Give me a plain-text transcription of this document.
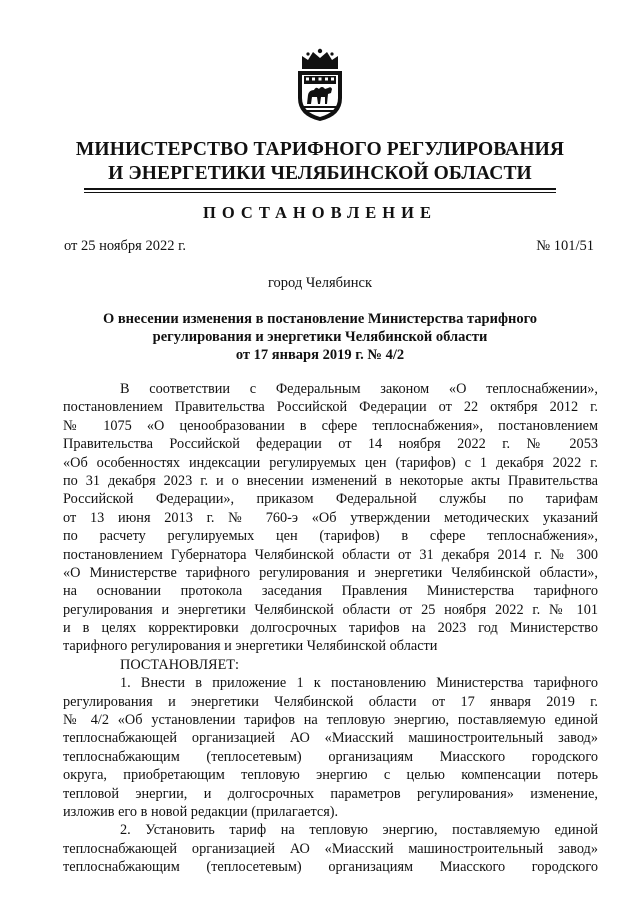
МИНИСТЕРСТВО ТАРИФНОГО РЕГУЛИРОВАНИЯ
И ЭНЕРГЕТИКИ ЧЕЛЯБИНСКОЙ ОБЛАСТИ
ПОСТАНОВЛЕНИЕ
от 25 ноября 2022 г.	№ 101/51
город Челябинск
О внесении изменения в постановление Министерства тарифного
регулирования и энергетики Челябинской области
от 17 января 2019 г. № 4/2
В соответствии с Федеральным законом «О теплоснабжении»,
постановлением Правительства Российской Федерации от 22 октября 2012 г.
№ 1075 «О ценообразовании в сфере теплоснабжения», постановлением
Правительства Российской федерации от 14 ноября 2022 г. № 2053
«Об особенностях индексации регулируемых цен (тарифов) с 1 декабря 2022 г.
по 31 декабря 2023 г. и о внесении изменений в некоторые акты Правительства
Российской Федерации», приказом Федеральной службы по тарифам
от 13 июня 2013 г. № 760-э «Об утверждении методических указаний
по расчету регулируемых цен (тарифов) в сфере теплоснабжения»,
постановлением Губернатора Челябинской области от 31 декабря 2014 г. № 300
«О Министерстве тарифного регулирования и энергетики Челябинской области»,
на основании протокола заседания Правления Министерства тарифного
регулирования и энергетики Челябинской области от 25 ноября 2022 г. № 101
и в целях корректировки долгосрочных тарифов на 2023 год Министерство
тарифного регулирования и энергетики Челябинской области
ПОСТАНОВЛЯЕТ:
1. Внести в приложение 1 к постановлению Министерства тарифного
регулирования и энергетики Челябинской области от 17 января 2019 г.
№ 4/2 «Об установлении тарифов на тепловую энергию, поставляемую единой
теплоснабжающей организацией АО «Миасский машиностроительный завод»
теплоснабжающим (теплосетевым) организациям Миасского городского
округа, приобретающим тепловую энергию с целью компенсации потерь
тепловой энергии, и долгосрочных параметров регулирования» изменение,
изложив его в новой редакции (прилагается).
2. Установить тариф на тепловую энергию, поставляемую единой
теплоснабжающей организацией АО «Миасский машиностроительный завод»
теплоснабжающим (теплосетевым) организациям Миасского городского
